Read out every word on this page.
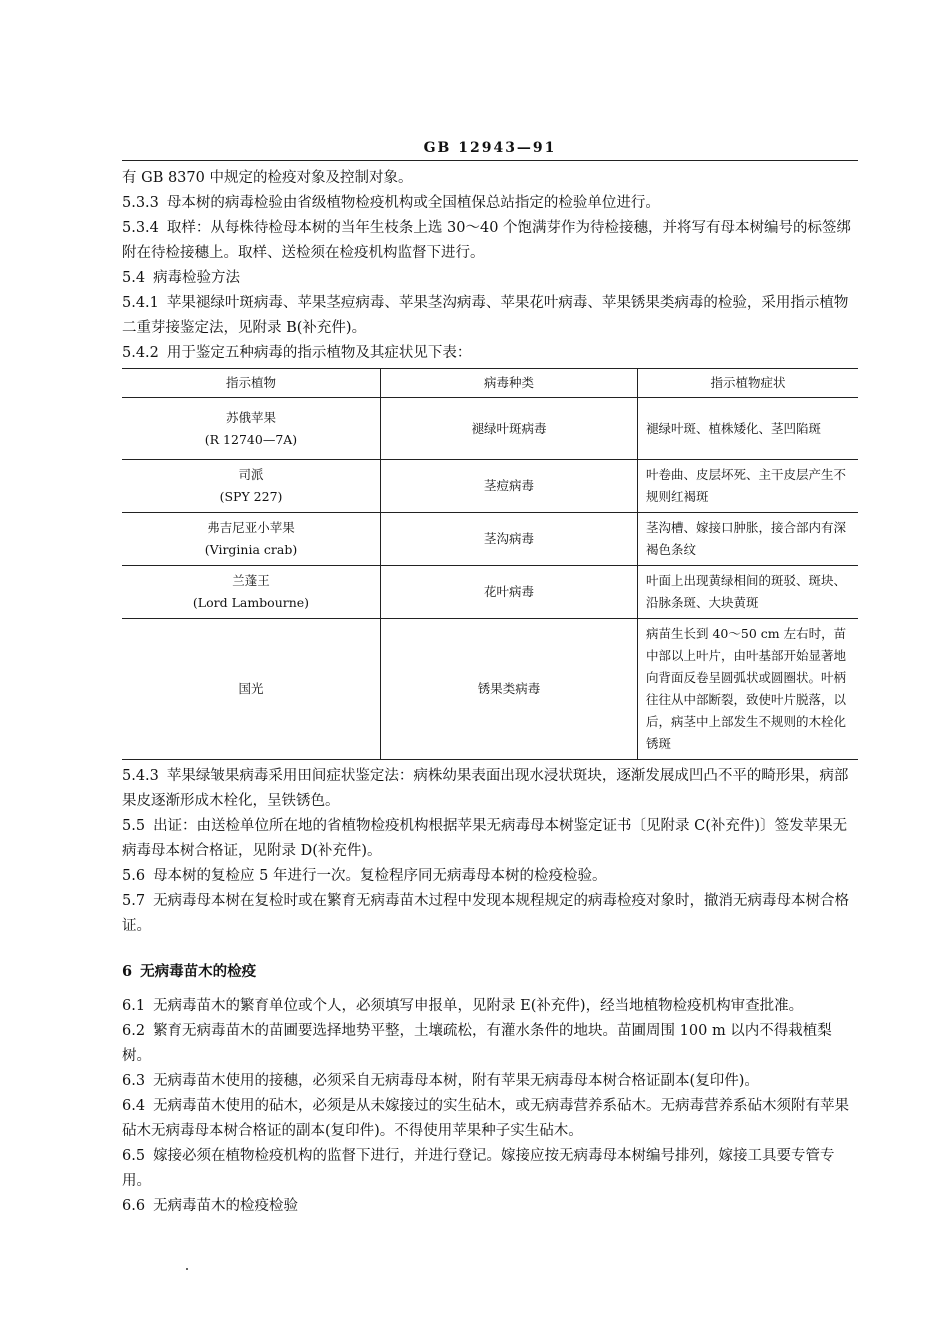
GB 12943—91

有 GB 8370 中规定的检疫对象及控制对象。

5.3.3 母本树的病毒检验由省级植物检疫机构或全国植保总站指定的检验单位进行。

5.3.4 取样：从每株待检母本树的当年生枝条上选 30～40 个饱满芽作为待检接穗，并将写有母本树编号的标签绑附在待检接穗上。取样、送检须在检疫机构监督下进行。

5.4 病毒检验方法

5.4.1 苹果褪绿叶斑病毒、苹果茎痘病毒、苹果茎沟病毒、苹果花叶病毒、苹果锈果类病毒的检验，采用指示植物二重芽接鉴定法，见附录 B(补充件)。

5.4.2 用于鉴定五种病毒的指示植物及其症状见下表：

指示植物	病毒种类	指示植物症状

苏俄苹果
(R 12740—7A)	褪绿叶斑病毒	褪绿叶斑、植株矮化、茎凹陷斑

司派
(SPY 227)	茎痘病毒	叶卷曲、皮层坏死、主干皮层产生不规则红褐斑

弗吉尼亚小苹果
(Virginia crab)	茎沟病毒	茎沟槽、嫁接口肿胀，接合部内有深褐色条纹

兰蓬王
(Lord Lambourne)	花叶病毒	叶面上出现黄绿相间的斑驳、斑块、沿脉条斑、大块黄斑

国光	锈果类病毒	病苗生长到 40～50 cm 左右时，苗中部以上叶片，由叶基部开始显著地向背面反卷呈圆弧状或圆圈状。叶柄往往从中部断裂，致使叶片脱落，以后，病茎中上部发生不规则的木栓化锈斑

5.4.3 苹果绿皱果病毒采用田间症状鉴定法：病株幼果表面出现水浸状斑块，逐渐发展成凹凸不平的畸形果，病部果皮逐渐形成木栓化，呈铁锈色。

5.5 出证：由送检单位所在地的省植物检疫机构根据苹果无病毒母本树鉴定证书〔见附录 C(补充件)〕签发苹果无病毒母本树合格证，见附录 D(补充件)。

5.6 母本树的复检应 5 年进行一次。复检程序同无病毒母本树的检疫检验。

5.7 无病毒母本树在复检时或在繁育无病毒苗木过程中发现本规程规定的病毒检疫对象时，撤消无病毒母本树合格证。

6 无病毒苗木的检疫

6.1 无病毒苗木的繁育单位或个人，必须填写申报单，见附录 E(补充件)，经当地植物检疫机构审查批准。

6.2 繁育无病毒苗木的苗圃要选择地势平整，土壤疏松，有灌水条件的地块。苗圃周围 100 m 以内不得栽植梨树。

6.3 无病毒苗木使用的接穗，必须采自无病毒母本树，附有苹果无病毒母本树合格证副本(复印件)。

6.4 无病毒苗木使用的砧木，必须是从未嫁接过的实生砧木，或无病毒营养系砧木。无病毒营养系砧木须附有苹果砧木无病毒母本树合格证的副本(复印件)。不得使用苹果种子实生砧木。

6.5 嫁接必须在植物检疫机构的监督下进行，并进行登记。嫁接应按无病毒母本树编号排列，嫁接工具要专管专用。

6.6 无病毒苗木的检疫检验
